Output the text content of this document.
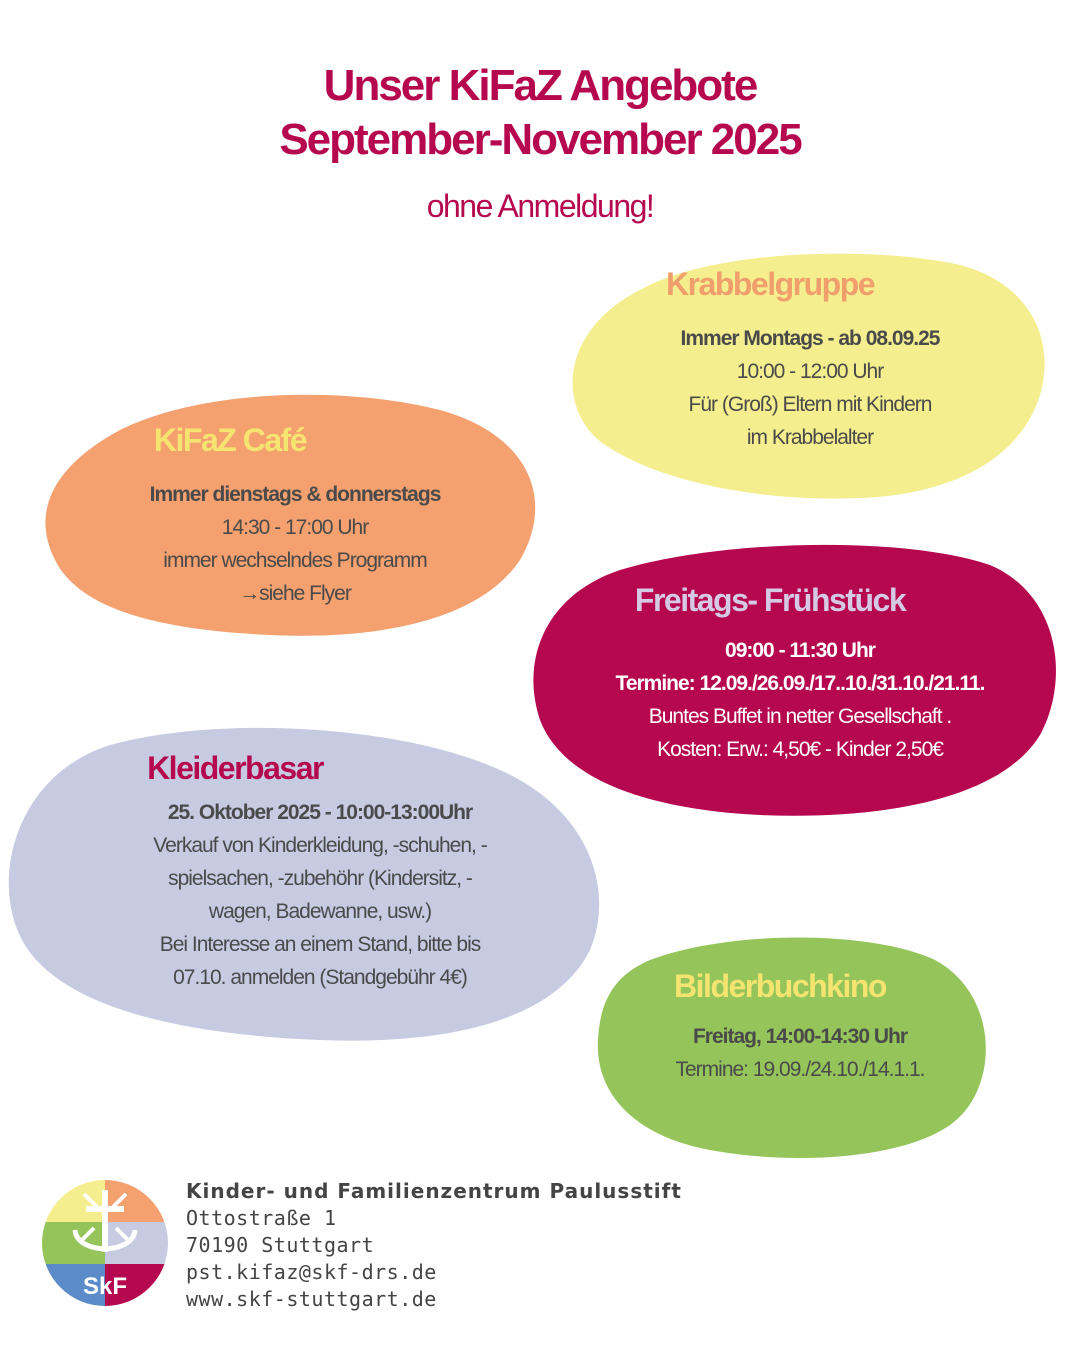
Unser KiFaZ Angebote
September-November 2025
ohne Anmeldung!
Krabbelgruppe
Immer Montags - ab 08.09.25
10:00 - 12:00 Uhr
Für (Groß) Eltern mit Kindern
im Krabbelalter
KiFaZ Café
Immer dienstags & donnerstags
14:30 - 17:00 Uhr
immer wechselndes Programm
→siehe Flyer	Freitags- Frühstück
09:00 - 11:30 Uhr
Termine: 12.09./26.09./17..10./31.10./21.11.
Buntes Buffet in netter Gesellschaft .
Kosten: Erw.: 4,50€ - Kinder 2,50€
Kleiderbasar
25. Oktober 2025 - 10:00-13:00Uhr
Verkauf von Kinderkleidung, -schuhen, -
spielsachen, -zubehöhr (Kindersitz, -
wagen, Badewanne, usw.)
Bei Interesse an einem Stand, bitte bis
07.10. anmelden (Standgebühr 4€)	Bilderbuchkino
Freitag, 14:00-14:30 Uhr
Termine: 19.09./24.10./14.1.1.
SkF
Kinder- und Familienzentrum Paulusstift
Ottostraße 1
70190 Stuttgart
pst.kifaz@skf-drs.de
www.skf-stuttgart.de
